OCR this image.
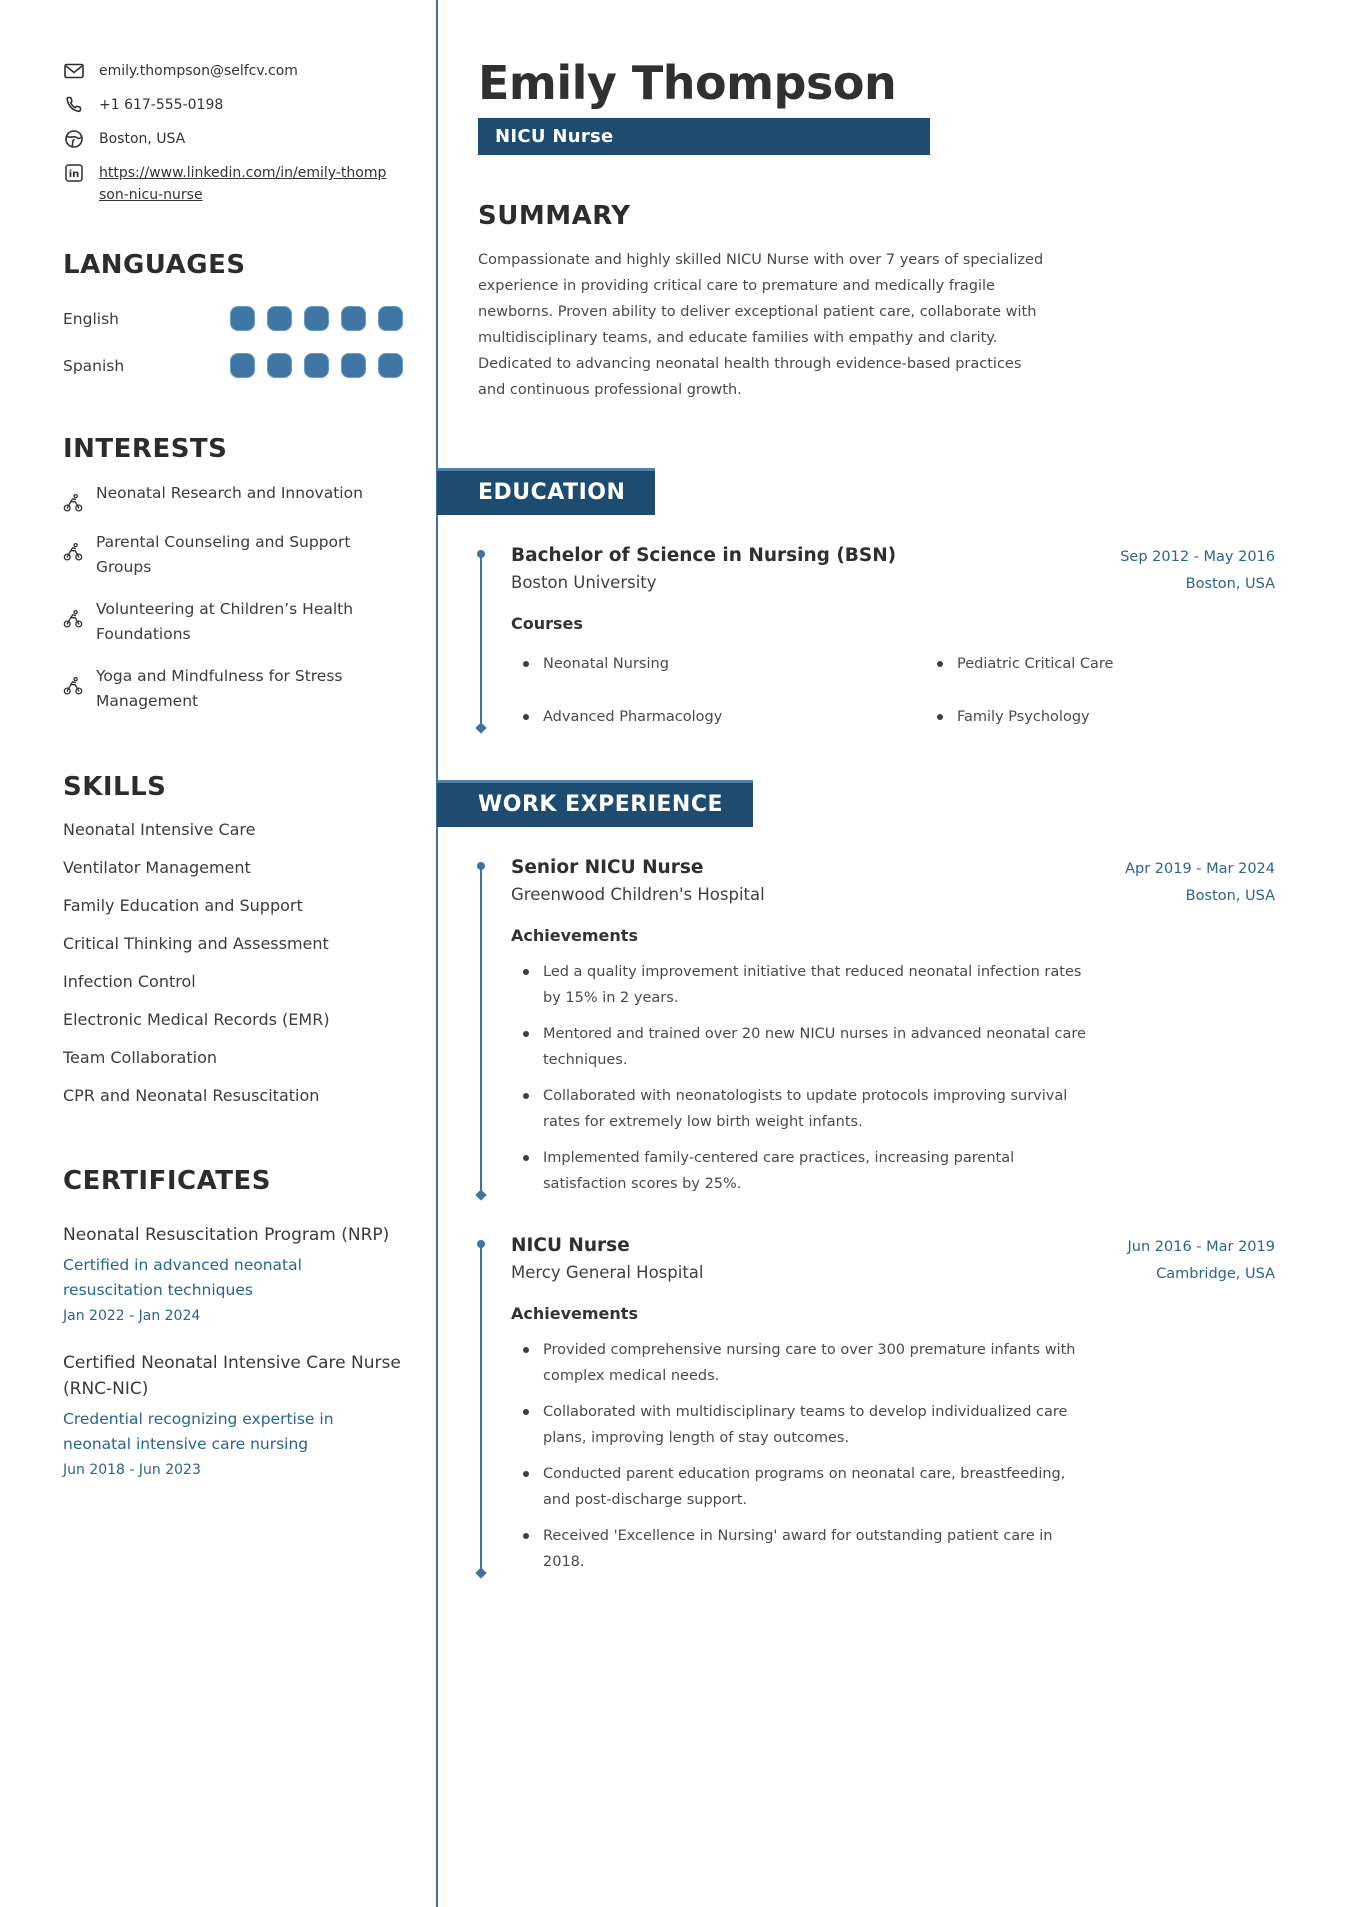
emily.thompson@selfcv.com
+1 617-555-0198
Boston, USA
in https://www.linkedin.com/in/emily-thompson-nicu-nurse
LANGUAGES
English
Spanish
INTERESTS
Neonatal Research and Innovation
Parental Counseling and Support Groups
Volunteering at Children’s Health Foundations
Yoga and Mindfulness for Stress Management
SKILLS
Neonatal Intensive Care
Ventilator Management
Family Education and Support
Critical Thinking and Assessment
Infection Control
Electronic Medical Records (EMR)
Team Collaboration
CPR and Neonatal Resuscitation
CERTIFICATES
Neonatal Resuscitation Program (NRP)
Certified in advanced neonatal resuscitation techniques
Jan 2022 - Jan 2024
Certified Neonatal Intensive Care Nurse (RNC-NIC)
Credential recognizing expertise in neonatal intensive care nursing
Jun 2018 - Jun 2023
Emily Thompson
NICU Nurse
SUMMARY

Compassionate and highly skilled NICU Nurse with over 7 years of specialized experience in providing critical care to premature and medically fragile newborns. Proven ability to deliver exceptional patient care, collaborate with multidisciplinary teams, and educate families with empathy and clarity. Dedicated to advancing neonatal health through evidence-based practices and continuous professional growth.

EDUCATION
Bachelor of Science in Nursing (BSN)	Sep 2012 - May 2016
Boston University	Boston, USA
Courses
Neonatal Nursing	Pediatric Critical Care
Advanced Pharmacology	Family Psychology
WORK EXPERIENCE
Senior NICU Nurse	Apr 2019 - Mar 2024
Greenwood Children's Hospital	Boston, USA
Achievements
Led a quality improvement initiative that reduced neonatal infection rates by 15% in 2 years.
Mentored and trained over 20 new NICU nurses in advanced neonatal care techniques.
Collaborated with neonatologists to update protocols improving survival rates for extremely low birth weight infants.
Implemented family-centered care practices, increasing parental satisfaction scores by 25%.
NICU Nurse	Jun 2016 - Mar 2019
Mercy General Hospital	Cambridge, USA
Achievements
Provided comprehensive nursing care to over 300 premature infants with complex medical needs.
Collaborated with multidisciplinary teams to develop individualized care plans, improving length of stay outcomes.
Conducted parent education programs on neonatal care, breastfeeding, and post-discharge support.
Received 'Excellence in Nursing' award for outstanding patient care in 2018.
